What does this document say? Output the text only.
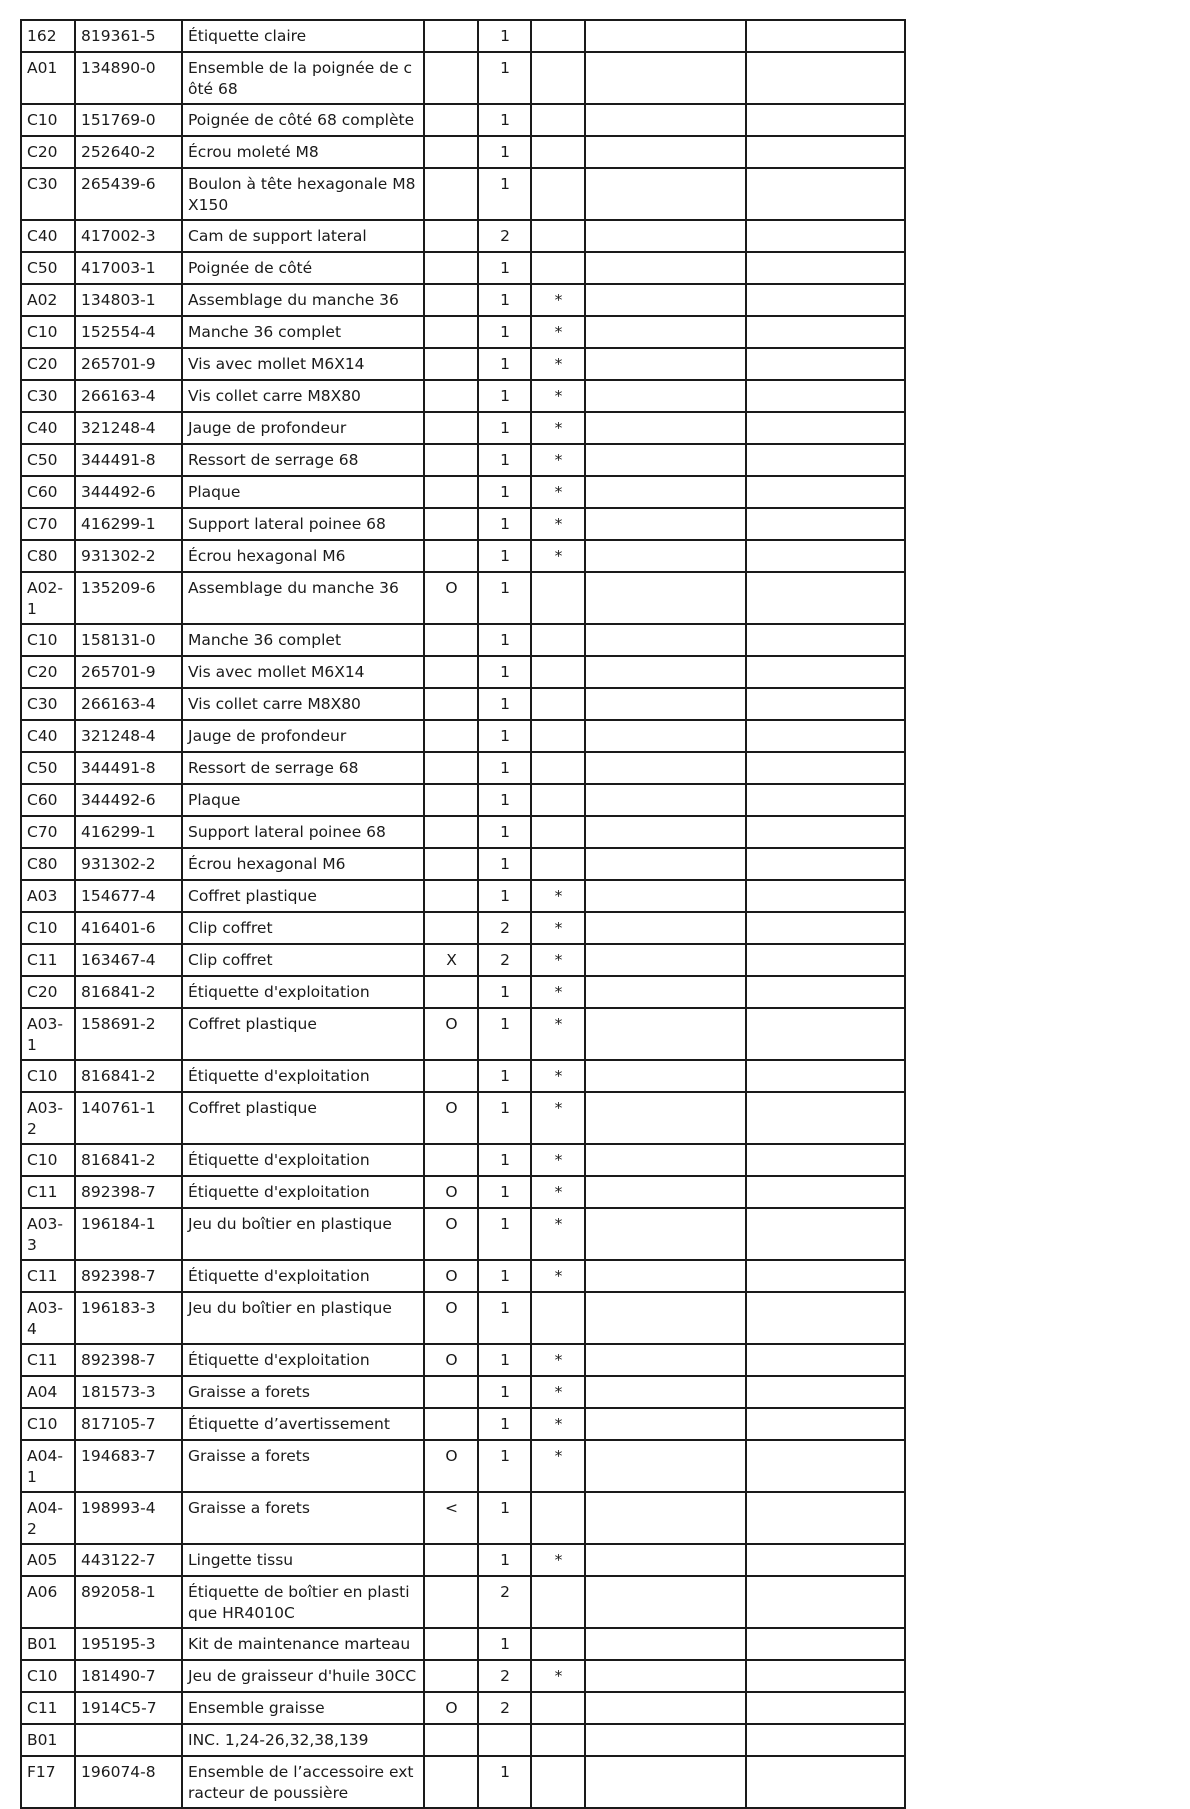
162	819361-5	Étiquette claire		1			
A01	134890-0	Ensemble de la poignée de côté 68		1			
C10	151769-0	Poignée de côté 68 complète		1			
C20	252640-2	Écrou moleté M8		1			
C30	265439-6	Boulon à tête hexagonale M8X150		1			
C40	417002-3	Cam de support lateral		2			
C50	417003-1	Poignée de côté		1			
A02	134803-1	Assemblage du manche 36		1	*		
C10	152554-4	Manche 36 complet		1	*		
C20	265701-9	Vis avec mollet M6X14		1	*		
C30	266163-4	Vis collet carre M8X80		1	*		
C40	321248-4	Jauge de profondeur		1	*		
C50	344491-8	Ressort de serrage 68		1	*		
C60	344492-6	Plaque		1	*		
C70	416299-1	Support lateral poinee 68		1	*		
C80	931302-2	Écrou hexagonal M6		1	*		
A02-1	135209-6	Assemblage du manche 36	O	1			
C10	158131-0	Manche 36 complet		1			
C20	265701-9	Vis avec mollet M6X14		1			
C30	266163-4	Vis collet carre M8X80		1			
C40	321248-4	Jauge de profondeur		1			
C50	344491-8	Ressort de serrage 68		1			
C60	344492-6	Plaque		1			
C70	416299-1	Support lateral poinee 68		1			
C80	931302-2	Écrou hexagonal M6		1			
A03	154677-4	Coffret plastique		1	*		
C10	416401-6	Clip coffret		2	*		
C11	163467-4	Clip coffret	X	2	*		
C20	816841-2	Étiquette d'exploitation		1	*		
A03-1	158691-2	Coffret plastique	O	1	*		
C10	816841-2	Étiquette d'exploitation		1	*		
A03-2	140761-1	Coffret plastique	O	1	*		
C10	816841-2	Étiquette d'exploitation		1	*		
C11	892398-7	Étiquette d'exploitation	O	1	*		
A03-3	196184-1	Jeu du boîtier en plastique	O	1	*		
C11	892398-7	Étiquette d'exploitation	O	1	*		
A03-4	196183-3	Jeu du boîtier en plastique	O	1			
C11	892398-7	Étiquette d'exploitation	O	1	*		
A04	181573-3	Graisse a forets		1	*		
C10	817105-7	Étiquette d’avertissement		1	*		
A04-1	194683-7	Graisse a forets	O	1	*		
A04-2	198993-4	Graisse a forets	<	1			
A05	443122-7	Lingette tissu		1	*		
A06	892058-1	Étiquette de boîtier en plastique HR4010C		2			
B01	195195-3	Kit de maintenance marteau		1			
C10	181490-7	Jeu de graisseur d'huile 30CC		2	*		
C11	1914C5-7	Ensemble graisse	O	2			
B01		INC. 1,24-26,32,38,139					
F17	196074-8	Ensemble de l’accessoire extracteur de poussière		1			
